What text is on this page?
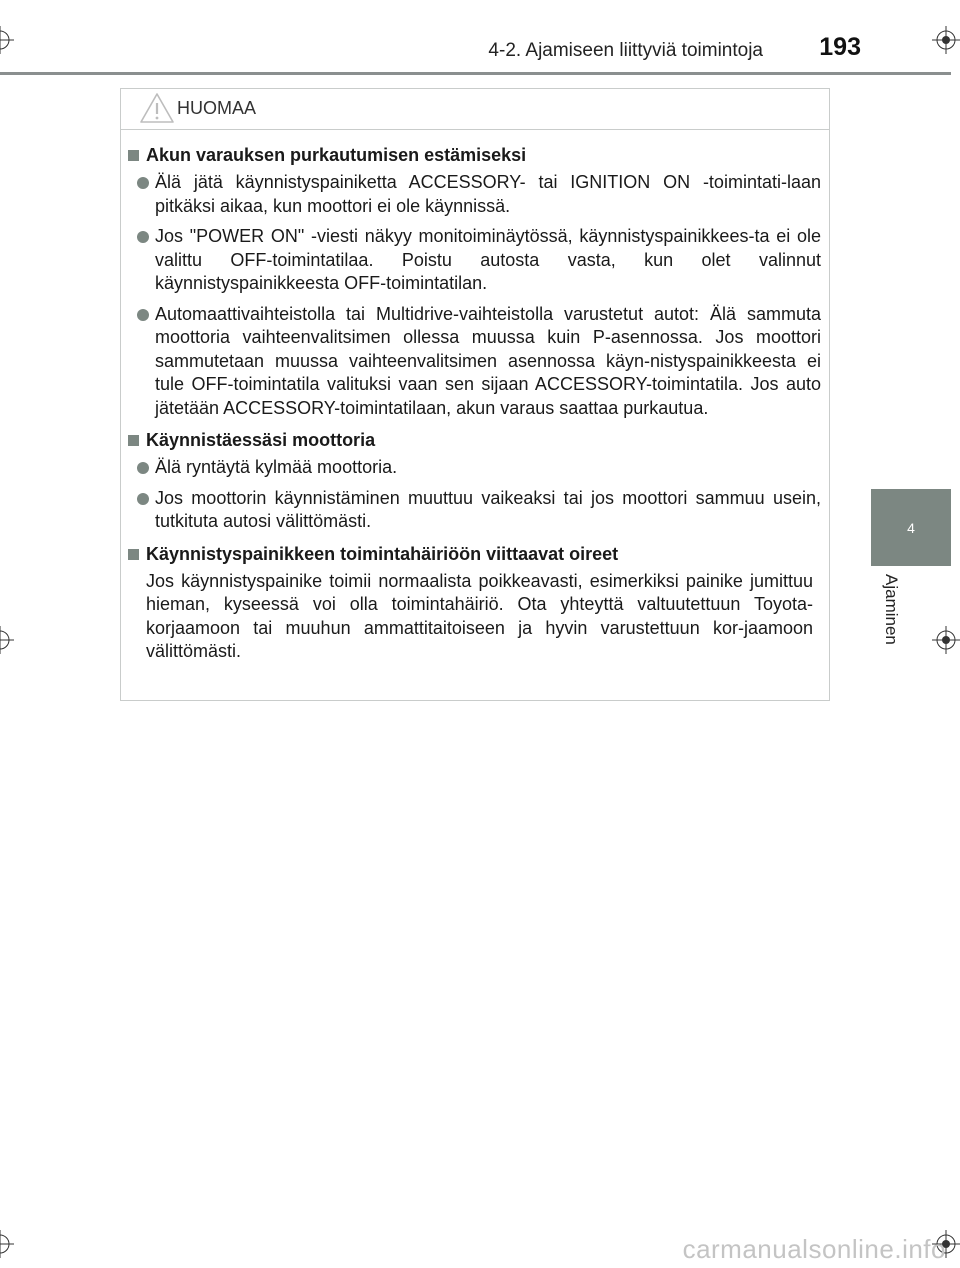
4-2. Ajamiseen liittyviä toimintoja 193
4
Ajaminen
HUOMAA
Akun varauksen purkautumisen estämiseksi
Älä jätä käynnistyspainiketta ACCESSORY- tai IGNITION ON -toimintati-laan pitkäksi aikaa, kun moottori ei ole käynnissä.
Jos "POWER ON" -viesti näkyy monitoiminäytössä, käynnistyspainikkees-ta ei ole valittu OFF-toimintatilaa. Poistu autosta vasta, kun olet valinnut käynnistyspainikkeesta OFF-toimintatilan.
Automaattivaihteistolla tai Multidrive-vaihteistolla varustetut autot: Älä sammuta moottoria vaihteenvalitsimen ollessa muussa kuin P-asennossa. Jos moottori sammutetaan muussa vaihteenvalitsimen asennossa käyn-nistyspainikkeesta ei tule OFF-toimintatila valituksi vaan sen sijaan ACCESSORY-toimintatila. Jos auto jätetään ACCESSORY-toimintatilaan, akun varaus saattaa purkautua.
Käynnistäessäsi moottoria
Älä ryntäytä kylmää moottoria.
Jos moottorin käynnistäminen muuttuu vaikeaksi tai jos moottori sammuu usein, tutkituta autosi välittömästi.
Käynnistyspainikkeen toimintahäiriöön viittaavat oireet
Jos käynnistyspainike toimii normaalista poikkeavasti, esimerkiksi painike jumittuu hieman, kyseessä voi olla toimintahäiriö. Ota yhteyttä valtuutettuun Toyota-korjaamoon tai muuhun ammattitaitoiseen ja hyvin varustettuun kor-jaamoon välittömästi.
carmanualsonline.info
